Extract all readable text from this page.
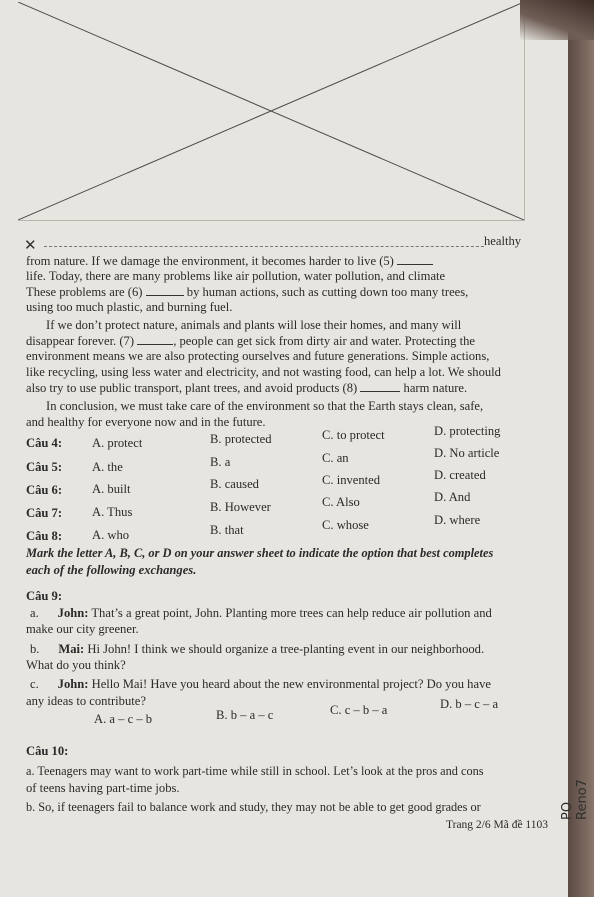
✕	healthy
from nature. If we damage the environment, it becomes harder to live (5)
life. Today, there are many problems like air pollution, water pollution, and climate
These problems are (6)	by human actions, such as cutting down too many trees,
using too much plastic, and burning fuel.
If we don’t protect nature, animals and plants will lose their homes, and many will
disappear forever. (7)	, people can get sick from dirty air and water. Protecting the
environment means we are also protecting ourselves and future generations. Simple actions,
like recycling, using less water and electricity, and not wasting food, can help a lot. We should
also try to use public transport, plant trees, and avoid products (8)	harm nature.
In conclusion, we must take care of the environment so that the Earth stays clean, safe,
and healthy for everyone now and in the future.
Câu 4: A. protect	B. protected	C. to protect	D. protecting
Câu 5: A. the	B. a	C. an	D. No article
Câu 6: A. built	B. caused	C. invented	D. created
Câu 7: A. Thus	B. However	C. Also	D. And
Câu 8: A. who	B. that	C. whose	D. where
Mark the letter A, B, C, or D on your answer sheet to indicate the option that best completes
each of the following exchanges.
Câu 9:
a. John: That’s a great point, John. Planting more trees can help reduce air pollution and
make our city greener.
b. Mai: Hi John! I think we should organize a tree-planting event in our neighborhood.
What do you think?
c. John: Hello Mai! Have you heard about the new environmental project? Do you have
any ideas to contribute?
A. a – c – b	B. b – a – c	C. c – b – a	D. b – c – a
Câu 10:
a. Teenagers may want to work part-time while still in school. Let’s look at the pros and cons
of teens having part-time jobs.
b. So, if teenagers fail to balance work and study, they may not be able to get good grades or
Trang 2/6 Mã đề 1103
PO Reno7
